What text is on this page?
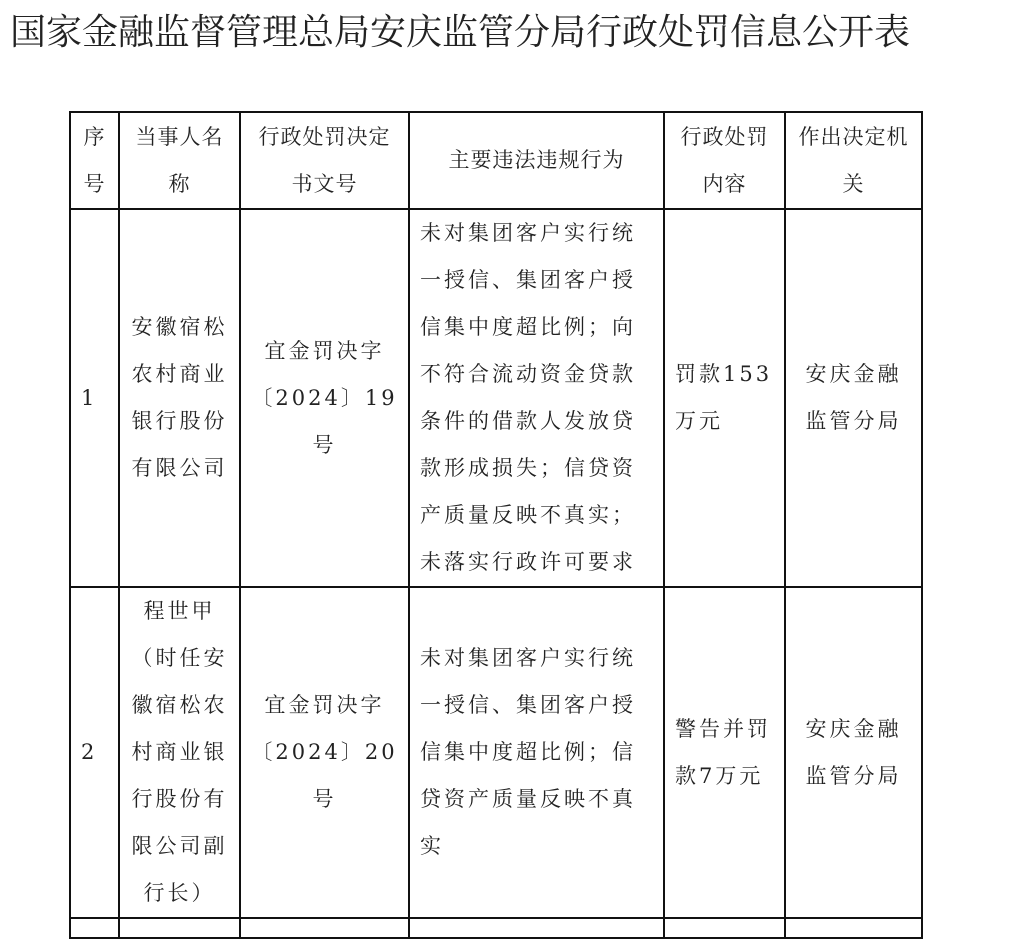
国家金融监督管理总局安庆监管分局行政处罚信息公开表
序号	当事人名称	行政处罚决定书文号	主要违法违规行为	行政处罚内容	作出决定机关
1	安徽宿松农村商业银行股份有限公司	宜金罚决字〔2024〕19号	未对集团客户实行统一授信、集团客户授信集中度超比例；向不符合流动资金贷款条件的借款人发放贷款形成损失；信贷资产质量反映不真实；未落实行政许可要求	罚款153万元	安庆金融监管分局
2	程世甲（时任安徽宿松农村商业银行股份有限公司副行长）	宜金罚决字〔2024〕20号	未对集团客户实行统一授信、集团客户授信集中度超比例；信贷资产质量反映不真实	警告并罚款7万元	安庆金融监管分局
